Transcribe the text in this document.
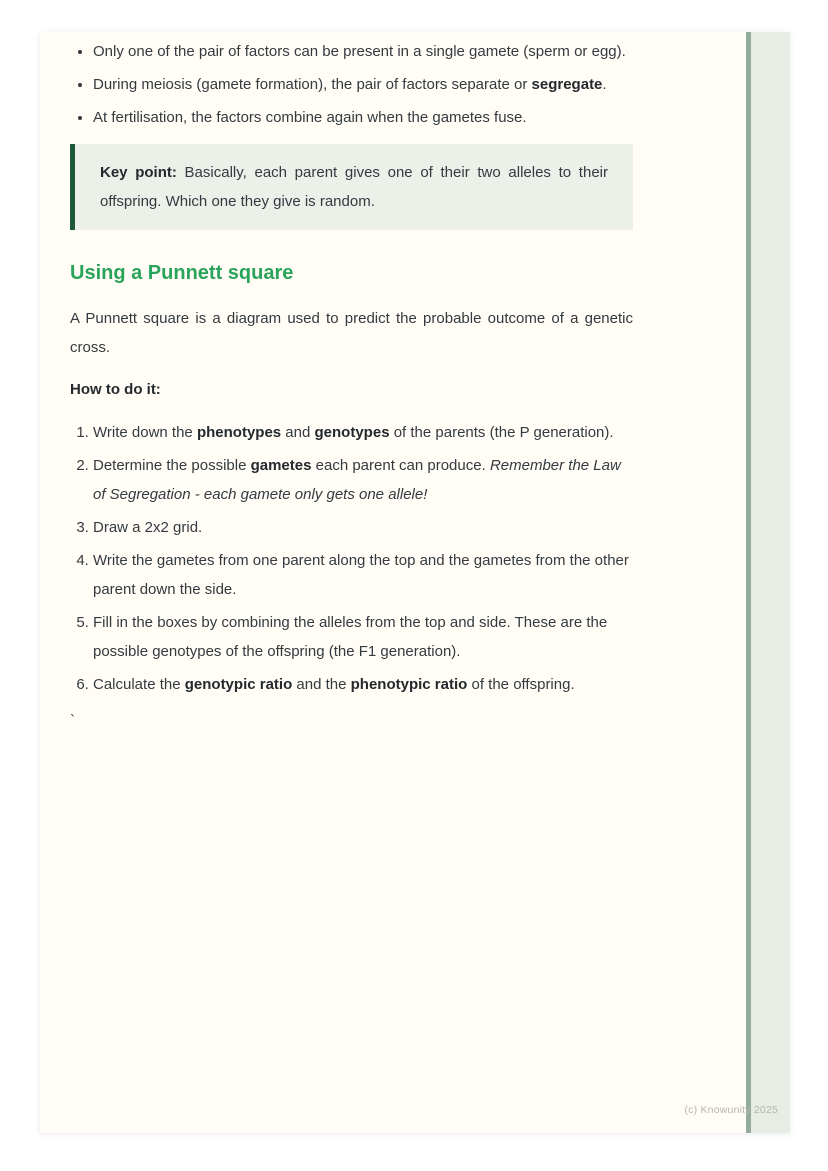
• Only one of the pair of factors can be present in a single gamete (sperm or egg).
• During meiosis (gamete formation), the pair of factors separate or segregate.
• At fertilisation, the factors combine again when the gametes fuse.

Key point: Basically, each parent gives one of their two alleles to their offspring. Which one they give is random.

Using a Punnett square

A Punnett square is a diagram used to predict the probable outcome of a genetic cross.

How to do it:

1. Write down the phenotypes and genotypes of the parents (the P generation).
2. Determine the possible gametes each parent can produce. Remember the Law of Segregation - each gamete only gets one allele!
3. Draw a 2x2 grid.
4. Write the gametes from one parent along the top and the gametes from the other parent down the side.
5. Fill in the boxes by combining the alleles from the top and side. These are the possible genotypes of the offspring (the F1 generation).
6. Calculate the genotypic ratio and the phenotypic ratio of the offspring.
`
(c) Knowunity 2025
